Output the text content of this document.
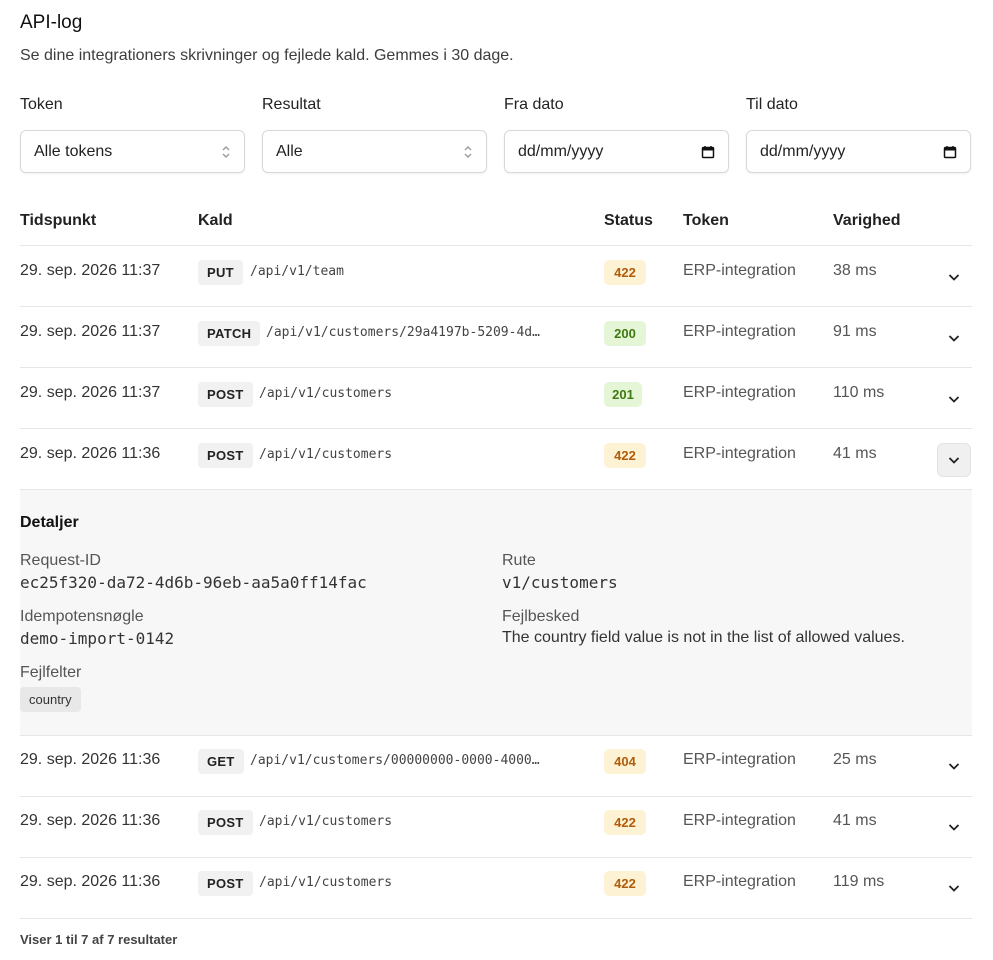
API-log
Se dine integrationers skrivninger og fejlede kald. Gemmes i 30 dage.
Token
Alle tokens
Resultat
Alle
Fra dato
dd/mm/yyyy
Til dato
dd/mm/yyyy
Tidspunkt	Kald	Status Token	Varighed
29. sep. 2026 11:37	PUT	/api/v1/team	422	ERP-integration 38 ms
29. sep. 2026 11:37	PATCH	/api/v1/customers/29a4197b-5209-4d…	200	ERP-integration 91 ms
29. sep. 2026 11:37	POST	/api/v1/customers	201	ERP-integration 110 ms
29. sep. 2026 11:36	POST	/api/v1/customers	422	ERP-integration 41 ms
Detaljer
Request-ID
ec25f320-da72-4d6b-96eb-aa5a0ff14fac
Rute
v1/customers
Idempotensnøgle
demo-import-0142
Fejlbesked
The country field value is not in the list of allowed values.
Fejlfelter
country
29. sep. 2026 11:36	GET	/api/v1/customers/00000000-0000-4000…	404	ERP-integration 25 ms
29. sep. 2026 11:36	POST	/api/v1/customers	422	ERP-integration 41 ms
29. sep. 2026 11:36	POST	/api/v1/customers	422	ERP-integration 119 ms
Viser 1 til 7 af 7 resultater
